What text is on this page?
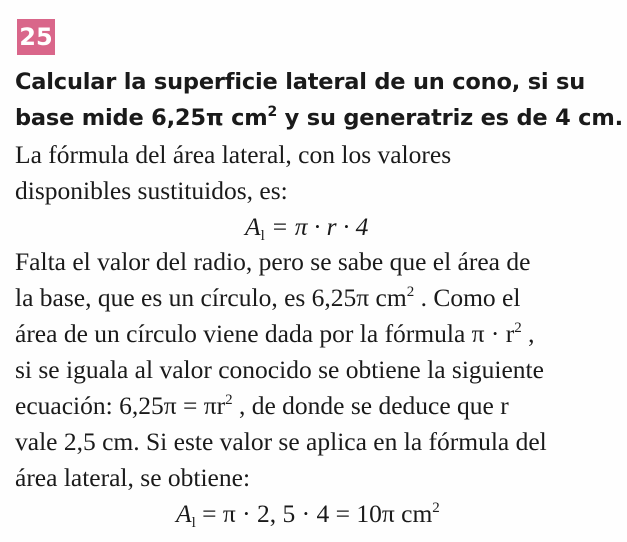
25
Calcular la superficie lateral de un cono, si su
base mide 6,25π $cm^2$ y su generatriz es de 4 cm.
La fórmula del área lateral, con los valores
disponibles sustituidos, es:
$A_l = \pi \cdot r \cdot 4$
Falta el valor del radio, pero se sabe que el área de
la base, que es un círculo, es 6,25π $cm^2$ . Como el
área de un círculo viene dada por la fórmula $\pi \cdot r^2$ ,
si se iguala al valor conocido se obtiene la siguiente
ecuación: $6,25\pi = \pi r^2$ , de donde se deduce que r
vale 2,5 cm. Si este valor se aplica en la fórmula del
área lateral, se obtiene:
$A_l = \pi \cdot 2$, 5 · 4 = 10π $cm^2$
